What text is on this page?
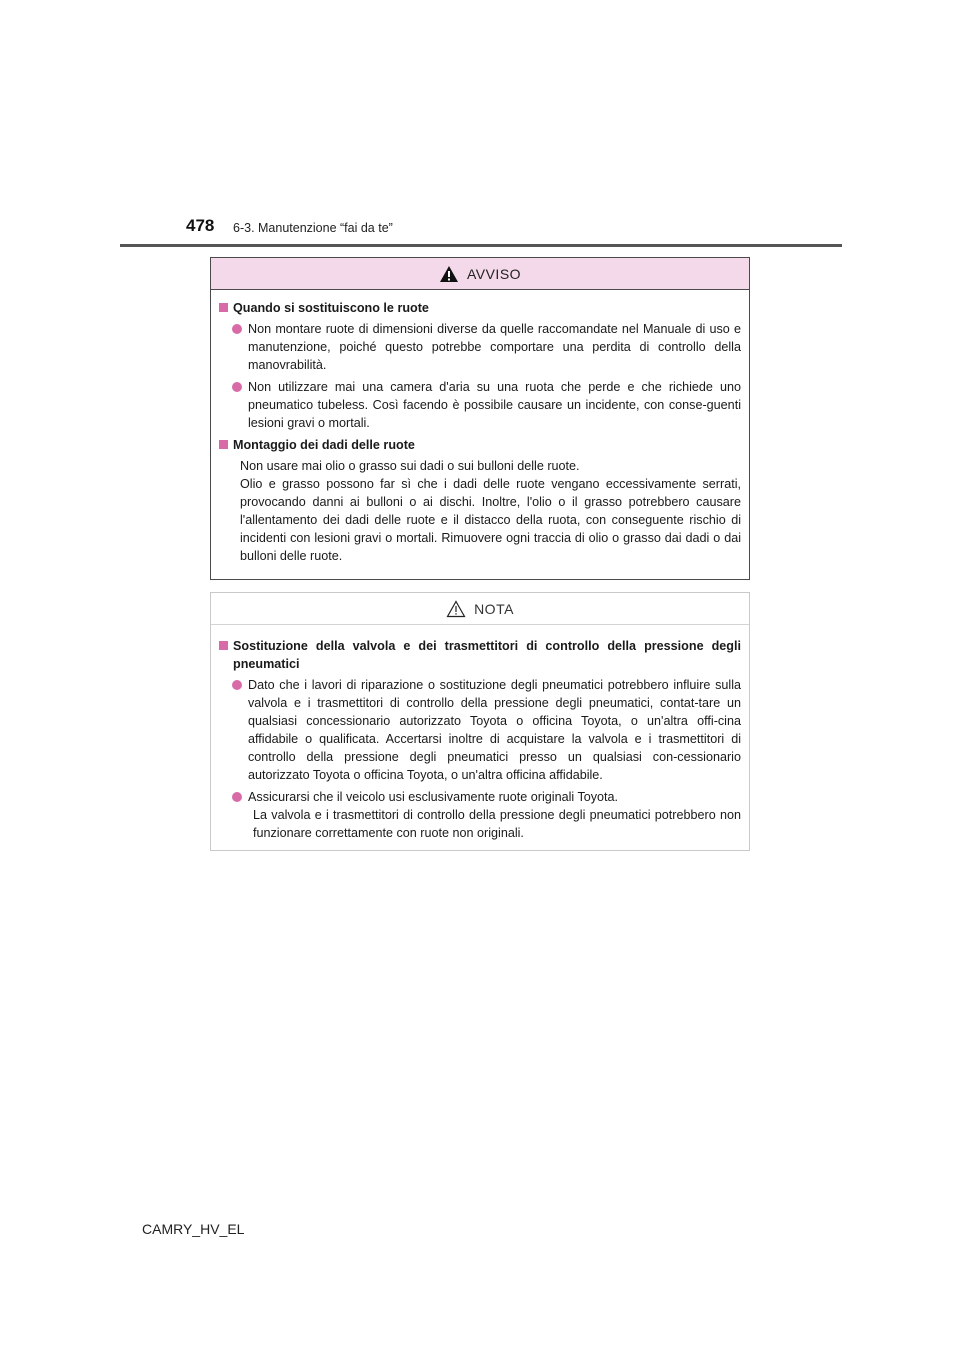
478 6-3. Manutenzione “fai da te”
AVVISO
Quando si sostituiscono le ruote
Non montare ruote di dimensioni diverse da quelle raccomandate nel Manuale di uso e manutenzione, poiché questo potrebbe comportare una perdita di controllo della manovrabilità.
Non utilizzare mai una camera d'aria su una ruota che perde e che richiede uno pneumatico tubeless. Così facendo è possibile causare un incidente, con conse-guenti lesioni gravi o mortali.
Montaggio dei dadi delle ruote
Non usare mai olio o grasso sui dadi o sui bulloni delle ruote.
Olio e grasso possono far sì che i dadi delle ruote vengano eccessivamente serrati, provocando danni ai bulloni o ai dischi. Inoltre, l'olio o il grasso potrebbero causare l'allentamento dei dadi delle ruote e il distacco della ruota, con conseguente rischio di incidenti con lesioni gravi o mortali. Rimuovere ogni traccia di olio o grasso dai dadi o dai bulloni delle ruote.
NOTA
Sostituzione della valvola e dei trasmettitori di controllo della pressione degli pneumatici
Dato che i lavori di riparazione o sostituzione degli pneumatici potrebbero influire sulla valvola e i trasmettitori di controllo della pressione degli pneumatici, contat-tare un qualsiasi concessionario autorizzato Toyota o officina Toyota, o un'altra offi-cina affidabile o qualificata. Accertarsi inoltre di acquistare la valvola e i trasmettitori di controllo della pressione degli pneumatici presso un qualsiasi con-cessionario autorizzato Toyota o officina Toyota, o un'altra officina affidabile.
Assicurarsi che il veicolo usi esclusivamente ruote originali Toyota.
La valvola e i trasmettitori di controllo della pressione degli pneumatici potrebbero non funzionare correttamente con ruote non originali.
CAMRY_HV_EL
